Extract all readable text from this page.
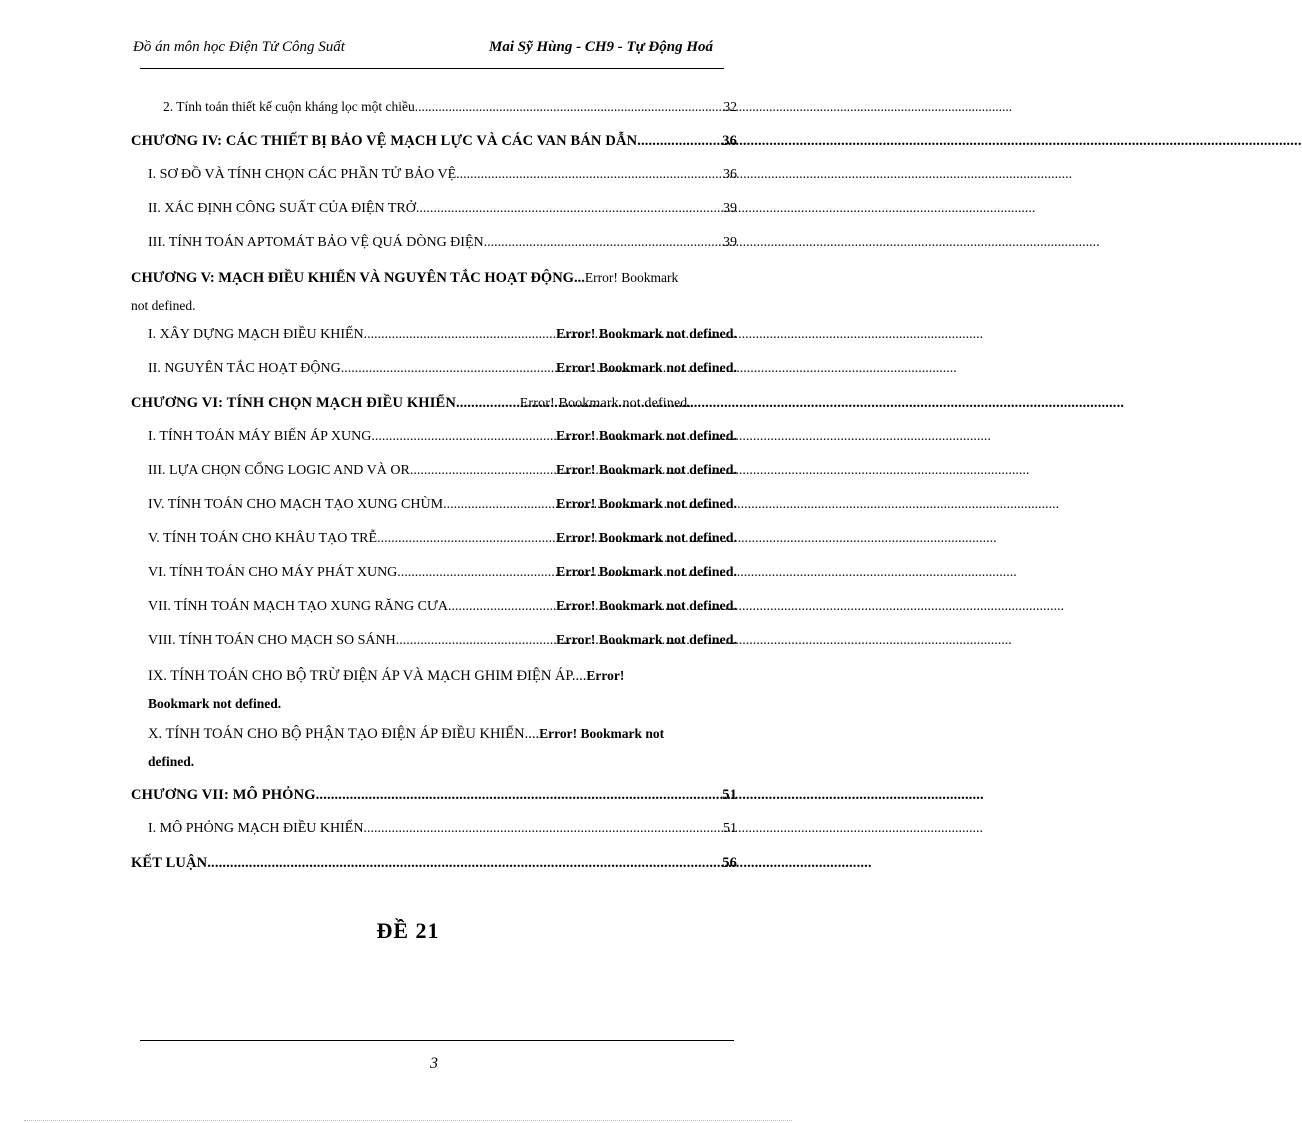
Đồ án môn học Điện Tử Công Suất	Mai Sỹ Hùng - CH9 - Tự Động Hoá
2. Tính toán thiết kế cuộn kháng lọc một chiều. .....	32
CHƯƠNG IV: CÁC THIẾT BỊ BẢO VỆ MẠCH LỰC VÀ CÁC VAN BÁN DẪN .....	36
I. SƠ ĐỒ VÀ TÍNH CHỌN CÁC PHẦN TỬ BẢO VỆ .....	36
II. XÁC ĐỊNH CÔNG SUẤT CỦA ĐIỆN TRỞ. .....	39
III. TÍNH TOÁN APTOMÁT BẢO VỆ QUÁ DÒNG ĐIỆN .....	39
CHƯƠNG V: MẠCH ĐIỀU KHIỂN VÀ NGUYÊN TẮC HOẠT ĐỘNG...Error! Bookmark
not defined.
I. XÂY DỰNG MẠCH ĐIỀU KHIỂN. .....	Error! Bookmark not defined.
II. NGUYÊN TẮC HOẠT ĐỘNG .....	Error! Bookmark not defined.
CHƯƠNG VI: TÍNH CHỌN MẠCH ĐIỀU KHIỂN. .....	Error! Bookmark not defined.
I. TÍNH TOÁN MÁY BIẾN ÁP XUNG. .....	Error! Bookmark not defined.
III. LỰA CHỌN CỔNG LOGIC AND VÀ OR. .....	Error! Bookmark not defined.
IV. TÍNH TOÁN CHO MẠCH TẠO XUNG CHÙM .....	Error! Bookmark not defined.
V. TÍNH TOÁN CHO KHÂU TẠO TRỄ. .....	Error! Bookmark not defined.
VI. TÍNH TOÁN CHO MÁY PHÁT XUNG. .....	Error! Bookmark not defined.
VII. TÍNH TOÁN MẠCH TẠO XUNG RĂNG CƯA .....	Error! Bookmark not defined.
VIII. TÍNH TOÁN CHO MẠCH SO SÁNH .....	Error! Bookmark not defined.
IX. TÍNH TOÁN CHO BỘ TRỪ ĐIỆN ÁP VÀ MẠCH GHIM ĐIỆN ÁP....Error!
Bookmark not defined.
X. TÍNH TOÁN CHO BỘ PHẬN TẠO ĐIỆN ÁP ĐIỀU KHIỂN....Error! Bookmark not
defined.
CHƯƠNG VII: MÔ PHỎNG. .....	51
I. MÔ PHỎNG MẠCH ĐIỀU KHIỂN. .....	51
KẾT LUẬN .....	56
ĐỀ 21
3
